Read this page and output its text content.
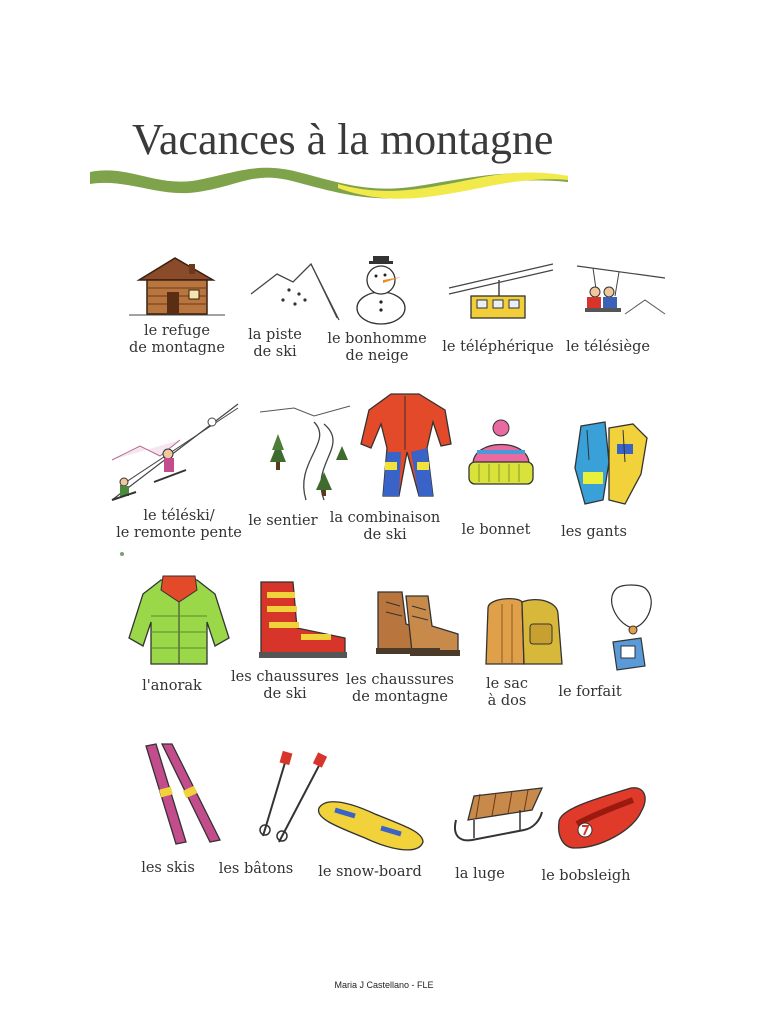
Vacances à la montagne
le refuge
de montagne
la piste
de ski
le bonhomme
de neige
le téléphérique le télésiège
le téléski/
le remonte pente
le sentier la combinaison
de ski	le bonnet	les gants
l'anorak
les chaussures
de ski
les chaussures
de montagne
le sac
à dos
le forfait
les skis	les bâtons	le snow-board	la luge	le bobsleigh
Maria J Castellano - FLE
